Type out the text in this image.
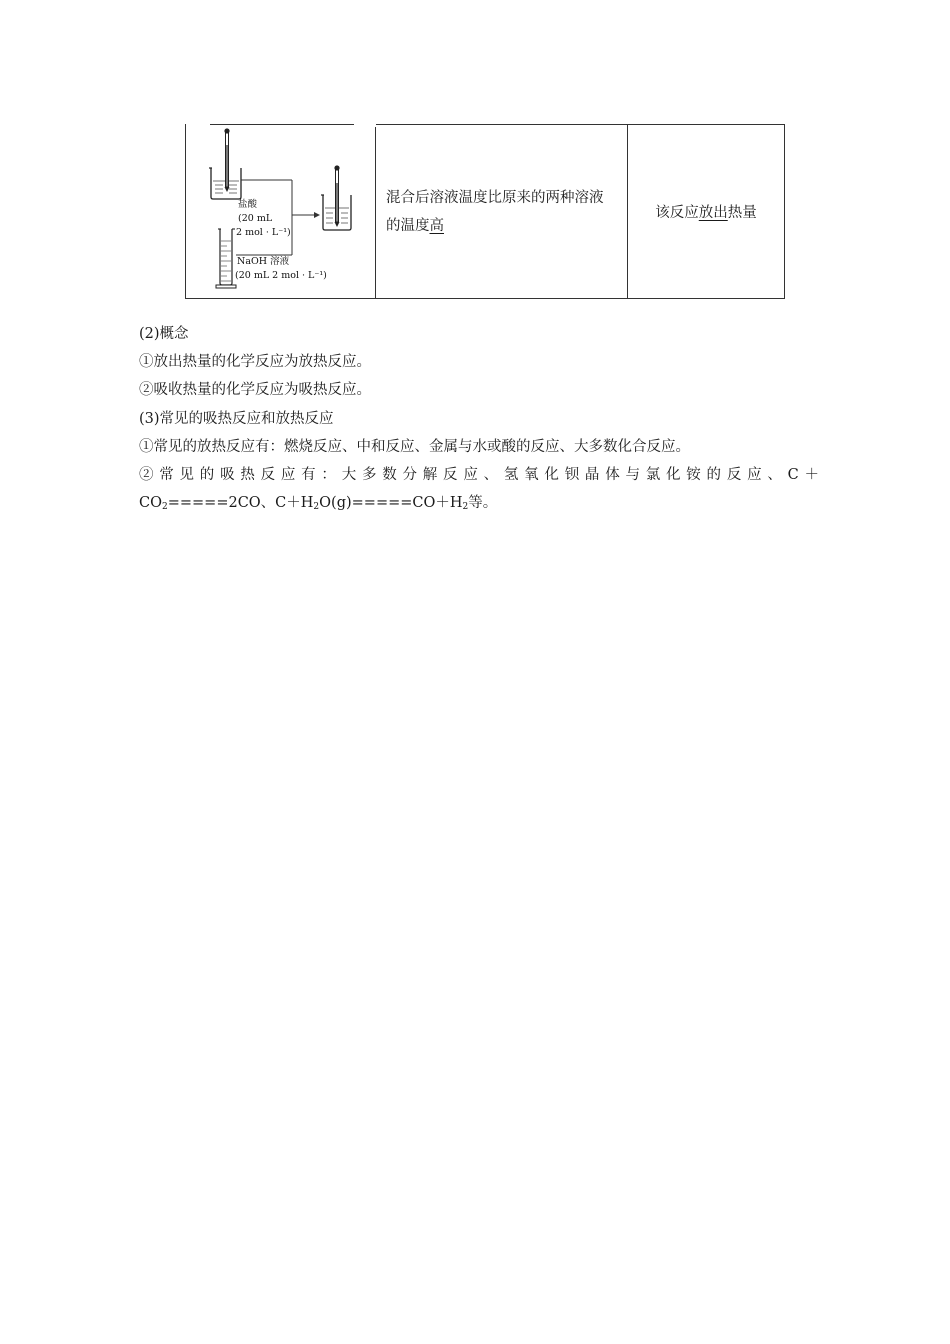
盐酸
(20 mL
2 mol · L⁻¹)
NaOH 溶液
(20 mL 2 mol · L⁻¹)
	混合后溶液温度比原来的两种溶液的温度高	该反应放出热量
(2)概念
①放出热量的化学反应为放热反应。
②吸收热量的化学反应为吸热反应。
(3)常见的吸热反应和放热反应
①常见的放热反应有：燃烧反应、中和反应、金属与水或酸的反应、大多数化合反应。
②常见的吸热反应有：大多数分解反应、氢氧化钡晶体与氯化铵的反应、C＋
$CO_2=====2CO$、$C+H_2O(g)=====CO+H_2$等。
